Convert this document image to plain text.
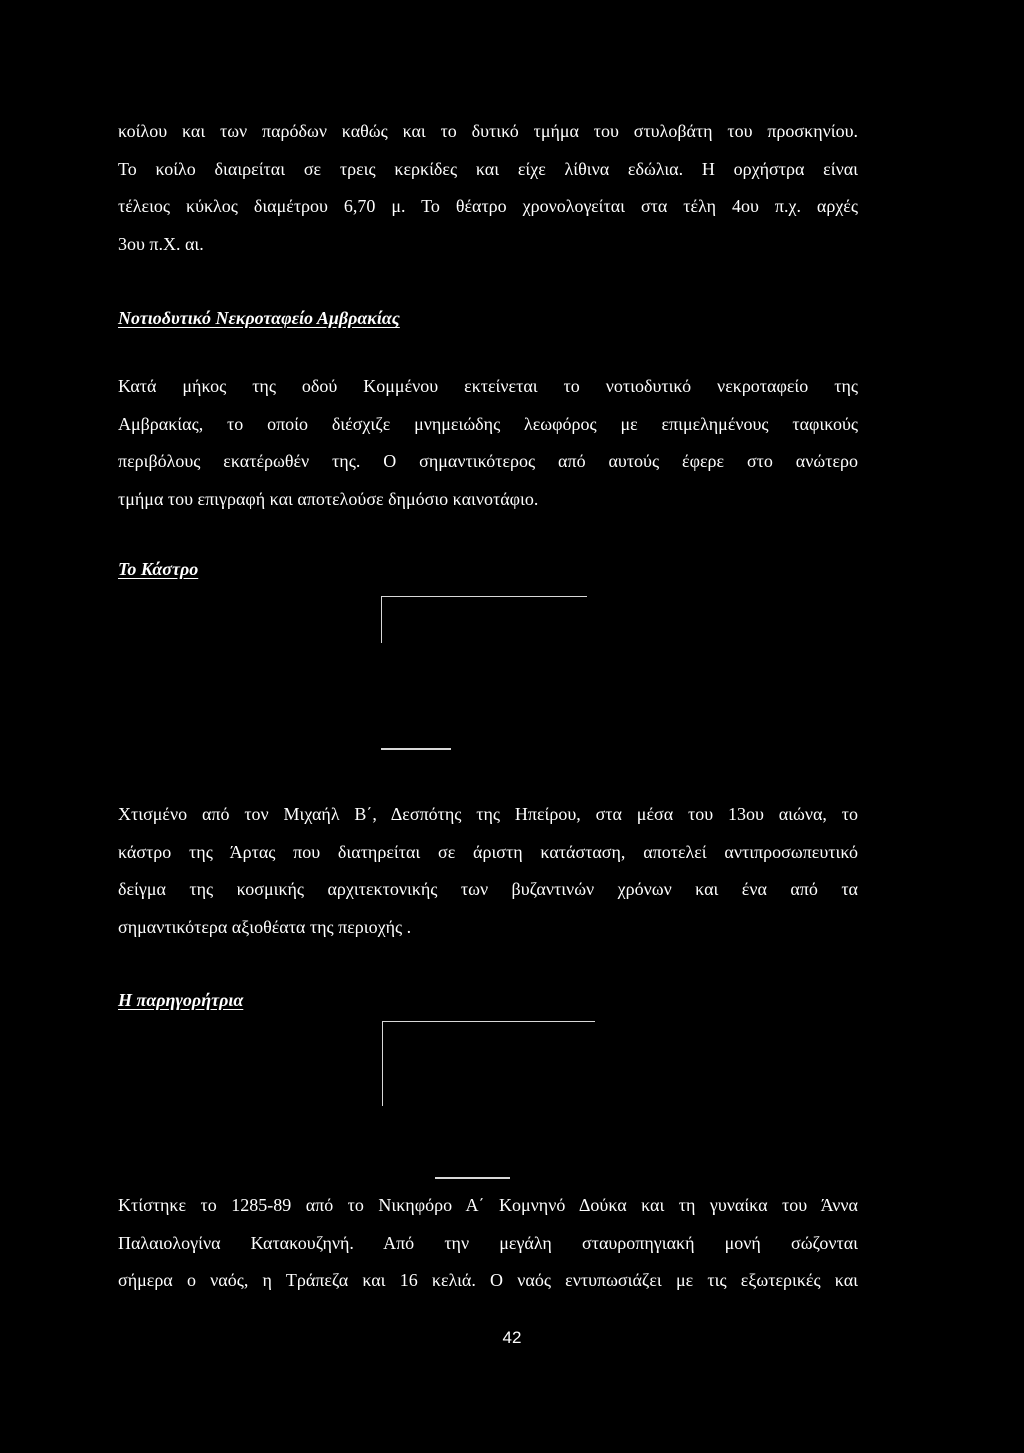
κοίλου και των παρόδων καθώς και το δυτικό τμήμα του στυλοβάτη του προσκηνίου.

Το κοίλο διαιρείται σε τρεις κερκίδες και είχε λίθινα εδώλια. Η ορχήστρα είναι

τέλειος κύκλος διαμέτρου 6,70 μ. Το θέατρο χρονολογείται στα τέλη 4ου π.χ. αρχές

3ου π.Χ. αι.

Νοτιοδυτικό Νεκροταφείο Αμβρακίας

Κατά μήκος της οδού Κομμένου εκτείνεται το νοτιοδυτικό νεκροταφείο της

Αμβρακίας, το οποίο διέσχιζε μνημειώδης λεωφόρος με επιμελημένους ταφικούς

περιβόλους εκατέρωθέν της. Ο σημαντικότερος από αυτούς έφερε στο ανώτερο

τμήμα του επιγραφή και αποτελούσε δημόσιο καινοτάφιο.

Το Κάστρο

Χτισμένο από τον Μιχαήλ Β΄, Δεσπότης της Ηπείρου, στα μέσα του 13ου αιώνα, το

κάστρο της Άρτας που διατηρείται σε άριστη κατάσταση, αποτελεί αντιπροσωπευτικό

δείγμα της κοσμικής αρχιτεκτονικής των βυζαντινών χρόνων και ένα από τα

σημαντικότερα αξιοθέατα της περιοχής .

Η παρηγορήτρια

Κτίστηκε το 1285-89 από το Νικηφόρο Α΄ Κομνηνό Δούκα και τη γυναίκα του Άννα

Παλαιολογίνα Κατακουζηνή. Από την μεγάλη σταυροπηγιακή μονή σώζονται

σήμερα ο ναός, η Τράπεζα και 16 κελιά. Ο ναός εντυπωσιάζει με τις εξωτερικές και

42
